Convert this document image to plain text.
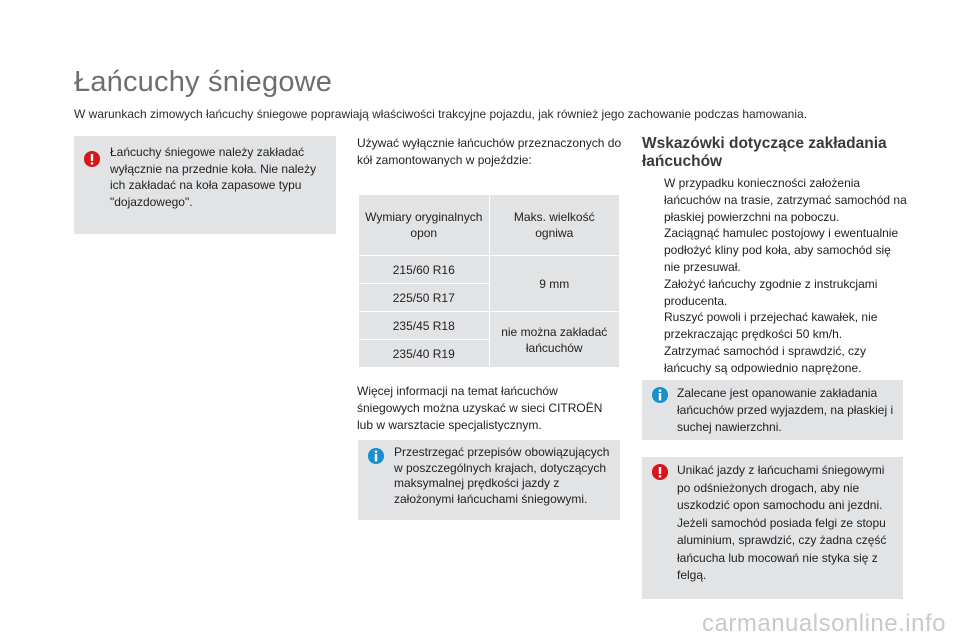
Łańcuchy śniegowe
W warunkach zimowych łańcuchy śniegowe poprawiają właściwości trakcyjne pojazdu, jak również jego zachowanie podczas hamowania.
Łańcuchy śniegowe należy zakładać wyłącznie na przednie koła. Nie należy ich zakładać na koła zapasowe typu "dojazdowego".
Używać wyłącznie łańcuchów przeznaczonych do kół zamontowanych w pojeździe:
Wymiary oryginalnych opon	Maks. wielkość ogniwa
215/60 R16	9 mm
225/50 R17	
235/45 R18	nie można zakładać łańcuchów
235/40 R19	
Więcej informacji na temat łańcuchów śniegowych można uzyskać w sieci CITROËN lub w warsztacie specjalistycznym.
Przestrzegać przepisów obowiązujących w poszczególnych krajach, dotyczących maksymalnej prędkości jazdy z założonymi łańcuchami śniegowymi.
Wskazówki dotyczące zakładania łańcuchów
W przypadku konieczności założenia łańcuchów na trasie, zatrzymać samochód na płaskiej powierzchni na poboczu.
Zaciągnąć hamulec postojowy i ewentualnie podłożyć kliny pod koła, aby samochód się nie przesuwał.
Założyć łańcuchy zgodnie z instrukcjami producenta.
Ruszyć powoli i przejechać kawałek, nie przekraczając prędkości 50 km/h.
Zatrzymać samochód i sprawdzić, czy łańcuchy są odpowiednio naprężone.
Zalecane jest opanowanie zakładania łańcuchów przed wyjazdem, na płaskiej i suchej nawierzchni.
Unikać jazdy z łańcuchami śniegowymi po odśnieżonych drogach, aby nie uszkodzić opon samochodu ani jezdni. Jeżeli samochód posiada felgi ze stopu aluminium, sprawdzić, czy żadna część łańcucha lub mocowań nie styka się z felgą.
carmanualsonline.info
